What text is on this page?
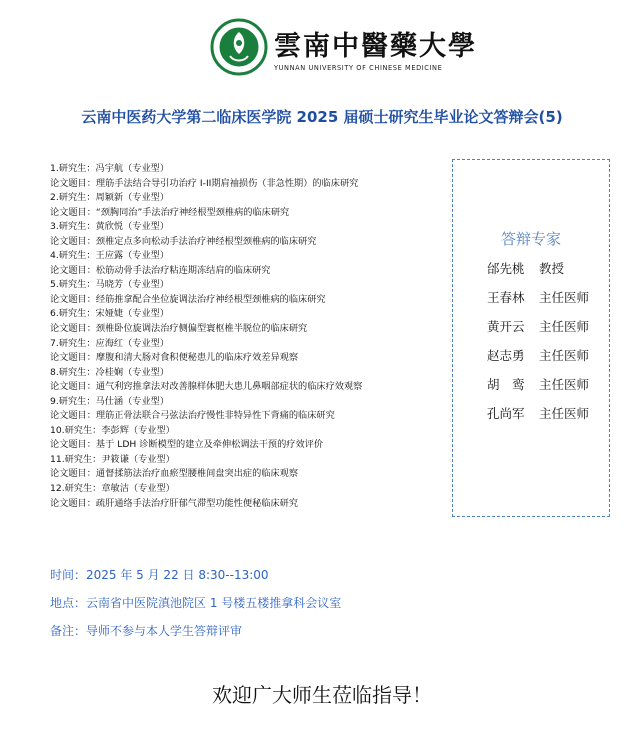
雲南中醫藥大學
YUNNAN UNIVERSITY OF CHINESE MEDICINE
云南中医药大学第二临床医学院 2025 届硕士研究生毕业论文答辩会(5)
1.研究生：冯宇航（专业型）
论文题目：理筋手法结合导引功治疗 I-II期肩袖损伤（非急性期）的临床研究
2.研究生：周颖新（专业型）
论文题目：“颈胸同治”手法治疗神经根型颈椎病的临床研究
3.研究生：黄欣悦（专业型）
论文题目：颈椎定点多向松动手法治疗神经根型颈椎病的临床研究
4.研究生：王应露（专业型）
论文题目：松筋动骨手法治疗粘连期冻结肩的临床研究
5.研究生：马晓芳（专业型）
论文题目：经筋推拿配合坐位旋调法治疗神经根型颈椎病的临床研究
6.研究生：宋娅婕（专业型）
论文题目：颈椎卧位旋调法治疗侧偏型寰枢椎半脱位的临床研究
7.研究生：应海红（专业型）
论文题目：摩腹和清大肠对食积便秘患儿的临床疗效差异观察
8.研究生：冷桂娴（专业型）
论文题目：通气利窍推拿法对改善腺样体肥大患儿鼻咽部症状的临床疗效观察
9.研究生：马仕涵（专业型）
论文题目：理筋正骨法联合弓弦法治疗慢性非特异性下背痛的临床研究
10.研究生：李彭辉（专业型）
论文题目：基于 LDH 诊断模型的建立及牵伸松调法干预的疗效评价
11.研究生：尹筱谦（专业型）
论文题目：通督揉筋法治疗血瘀型腰椎间盘突出症的临床观察
12.研究生：章敏洁（专业型）
论文题目：疏肝通络手法治疗肝郁气滞型功能性便秘临床研究
答辩专家
邰先桃 教授
王春林 主任医师
黄开云 主任医师
赵志勇 主任医师
胡　鸾 主任医师
孔尚军 主任医师
时间：2025 年 5 月 22 日 8:30--13:00
地点：云南省中医院滇池院区 1 号楼五楼推拿科会议室
备注：导师不参与本人学生答辩评审
欢迎广大师生莅临指导！
